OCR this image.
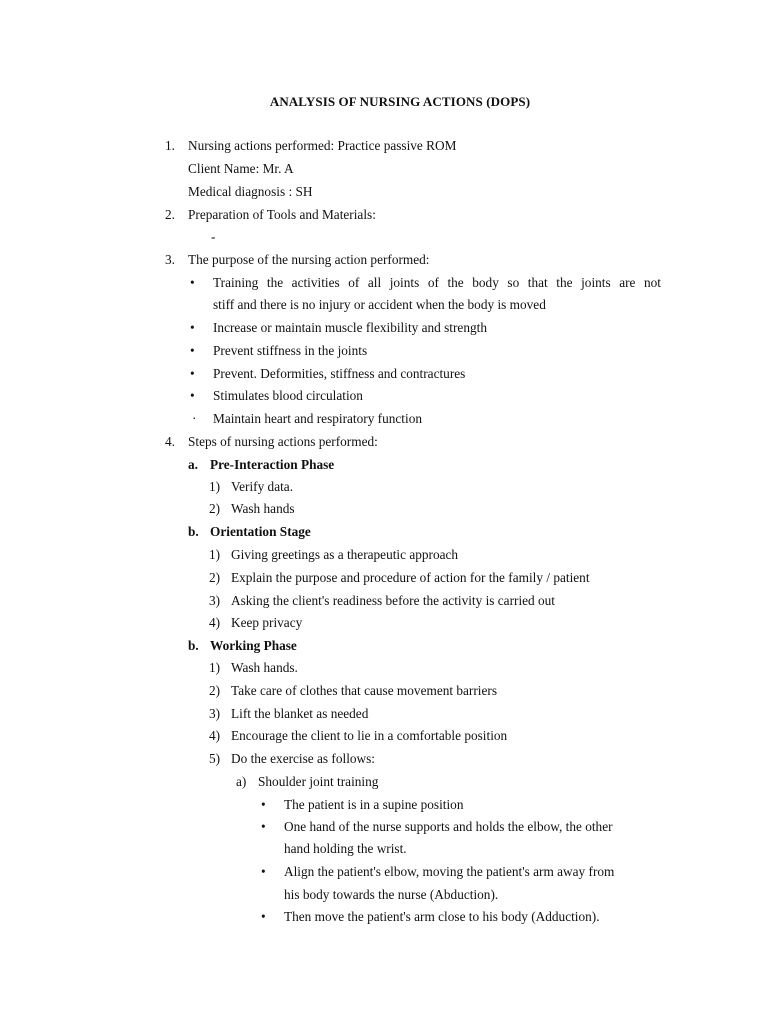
ANALYSIS OF NURSING ACTIONS (DOPS)
1. Nursing actions performed: Practice passive ROM
Client Name: Mr. A
Medical diagnosis : SH
2. Preparation of Tools and Materials:
-
3. The purpose of the nursing action performed:
• Training the activities of all joints of the body so that the joints are not
stiff and there is no injury or accident when the body is moved
• Increase or maintain muscle flexibility and strength
• Prevent stiffness in the joints
• Prevent. Deformities, stiffness and contractures
• Stimulates blood circulation
· Maintain heart and respiratory function
4. Steps of nursing actions performed:
a. Pre-Interaction Phase
1) Verify data.
2) Wash hands
b. Orientation Stage
1) Giving greetings as a therapeutic approach
2) Explain the purpose and procedure of action for the family / patient
3) Asking the client's readiness before the activity is carried out
4) Keep privacy
b. Working Phase
1) Wash hands.
2) Take care of clothes that cause movement barriers
3) Lift the blanket as needed
4) Encourage the client to lie in a comfortable position
5) Do the exercise as follows:
a) Shoulder joint training
• The patient is in a supine position
• One hand of the nurse supports and holds the elbow, the other
hand holding the wrist.
• Align the patient's elbow, moving the patient's arm away from
his body towards the nurse (Abduction).
• Then move the patient's arm close to his body (Adduction).
